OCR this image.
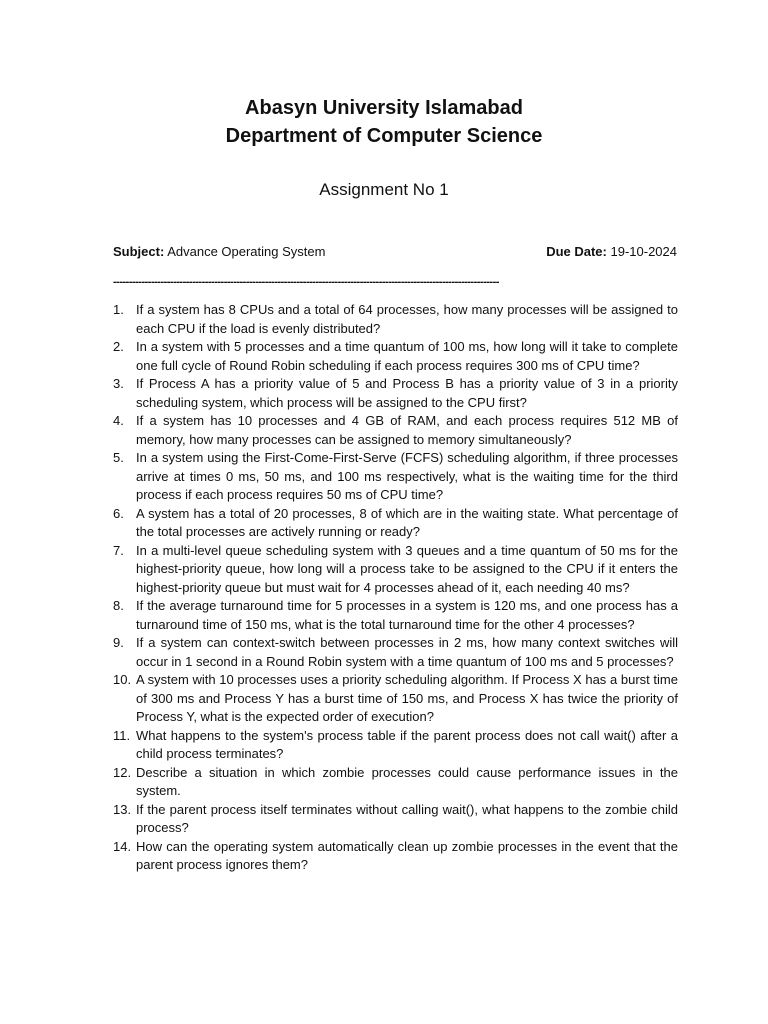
Abasyn University Islamabad
Department of Computer Science
Assignment No 1
Subject: Advance Operating System	Due Date: 19-10-2024
--------------------------------------------------------------------------------------------------------------------------
1. If a system has 8 CPUs and a total of 64 processes, how many processes will be assigned to each CPU if the load is evenly distributed?
2. In a system with 5 processes and a time quantum of 100 ms, how long will it take to complete one full cycle of Round Robin scheduling if each process requires 300 ms of CPU time?
3. If Process A has a priority value of 5 and Process B has a priority value of 3 in a priority scheduling system, which process will be assigned to the CPU first?
4. If a system has 10 processes and 4 GB of RAM, and each process requires 512 MB of memory, how many processes can be assigned to memory simultaneously?
5. In a system using the First-Come-First-Serve (FCFS) scheduling algorithm, if three processes arrive at times 0 ms, 50 ms, and 100 ms respectively, what is the waiting time for the third process if each process requires 50 ms of CPU time?
6. A system has a total of 20 processes, 8 of which are in the waiting state. What percentage of the total processes are actively running or ready?
7. In a multi-level queue scheduling system with 3 queues and a time quantum of 50 ms for the highest-priority queue, how long will a process take to be assigned to the CPU if it enters the highest-priority queue but must wait for 4 processes ahead of it, each needing 40 ms?
8. If the average turnaround time for 5 processes in a system is 120 ms, and one process has a turnaround time of 150 ms, what is the total turnaround time for the other 4 processes?
9. If a system can context-switch between processes in 2 ms, how many context switches will occur in 1 second in a Round Robin system with a time quantum of 100 ms and 5 processes?
10. A system with 10 processes uses a priority scheduling algorithm. If Process X has a burst time of 300 ms and Process Y has a burst time of 150 ms, and Process X has twice the priority of Process Y, what is the expected order of execution?
11. What happens to the system's process table if the parent process does not call wait() after a child process terminates?
12. Describe a situation in which zombie processes could cause performance issues in the system.
13. If the parent process itself terminates without calling wait(), what happens to the zombie child process?
14. How can the operating system automatically clean up zombie processes in the event that the parent process ignores them?
